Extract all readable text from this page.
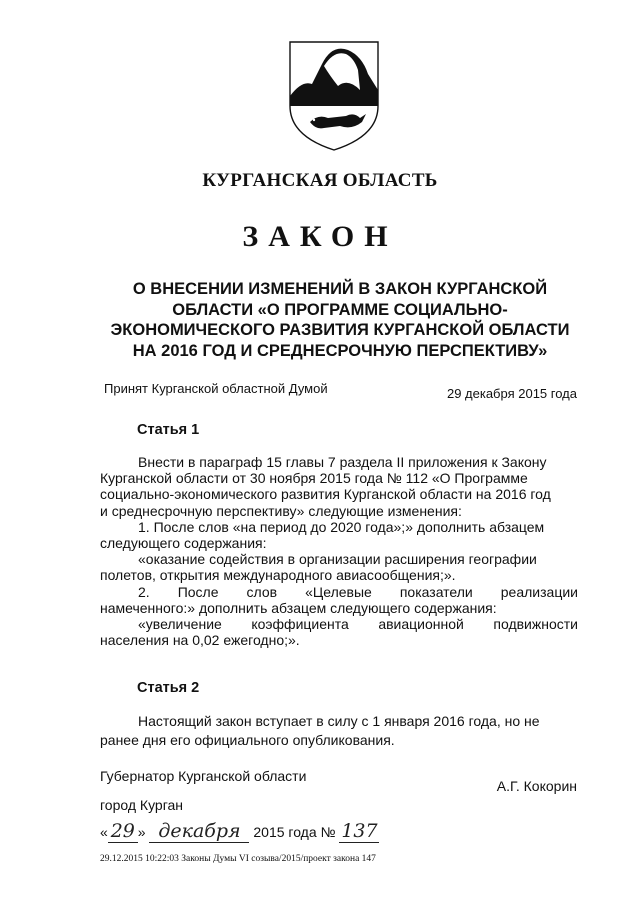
КУРГАНСКАЯ ОБЛАСТЬ
ЗАКОН
О ВНЕСЕНИИ ИЗМЕНЕНИЙ В ЗАКОН КУРГАНСКОЙ
ОБЛАСТИ «О ПРОГРАММЕ СОЦИАЛЬНО-
ЭКОНОМИЧЕСКОГО РАЗВИТИЯ КУРГАНСКОЙ ОБЛАСТИ
НА 2016 ГОД И СРЕДНЕСРОЧНУЮ ПЕРСПЕКТИВУ»
Принят Курганской областной Думой	29 декабря 2015 года
Статья 1
Внести в параграф 15 главы 7 раздела II приложения к Закону
Курганской области от 30 ноября 2015 года № 112 «О Программе
социально-экономического развития Курганской области на 2016 год
и среднесрочную перспективу» следующие изменения:
1. После слов «на период до 2020 года»;» дополнить абзацем
следующего содержания:
«оказание содействия в организации расширения географии
полетов, открытия международного авиасообщения;».
2. После слов «Целевые показатели реализации
намеченного:» дополнить абзацем следующего содержания:
«увеличение коэффициента авиационной подвижности
населения на 0,02 ежегодно;».
Статья 2
Настоящий закон вступает в силу с 1 января 2016 года, но не
ранее дня его официального опубликования.
Губернатор Курганской области
А.Г. Кокорин
город Курган
« 29 » декабря 2015 года № 137
29.12.2015 10:22:03 Законы Думы VI созыва/2015/проект закона 147
